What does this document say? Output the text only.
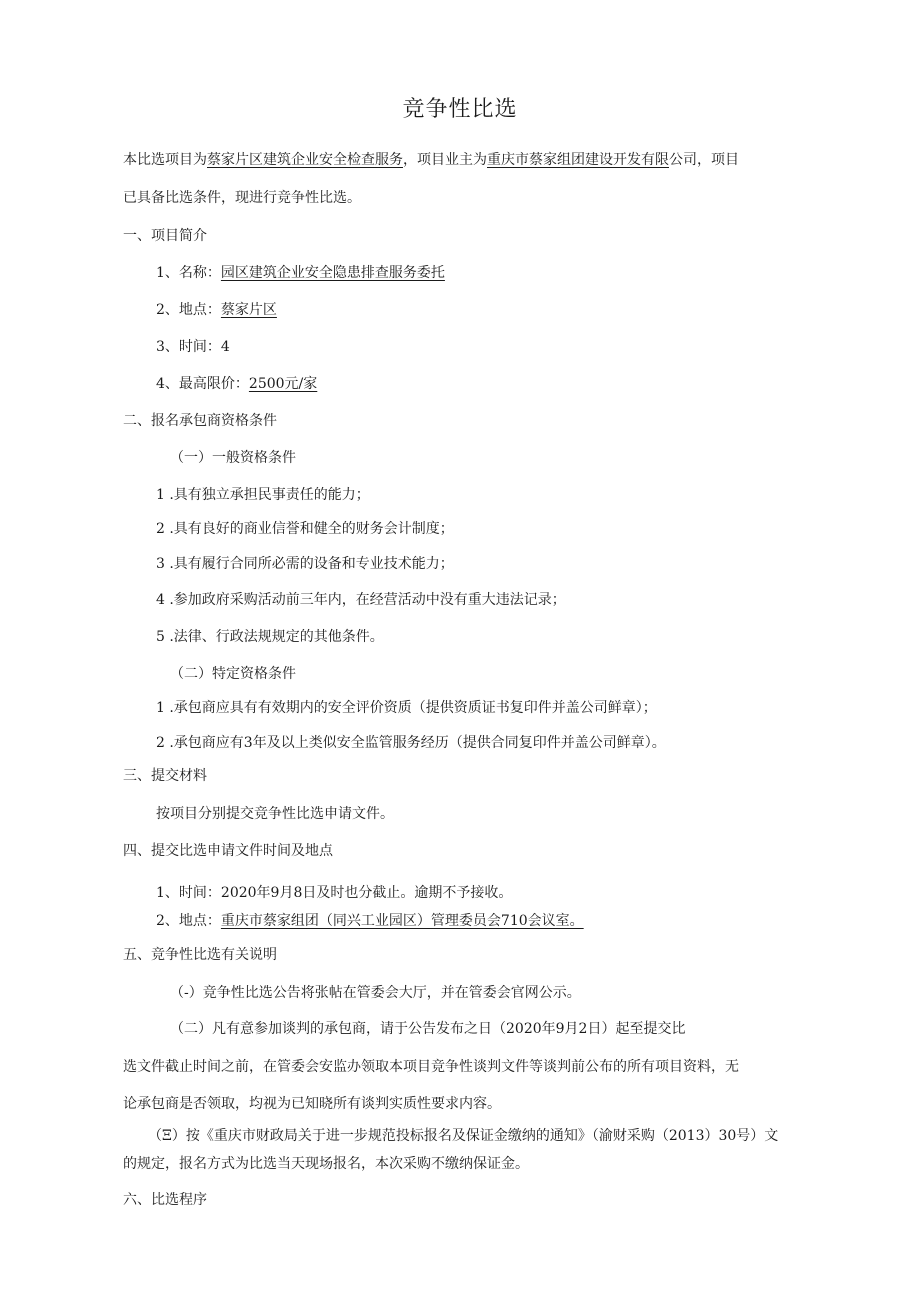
竞争性比选
本比选项目为蔡家片区建筑企业安全检查服务，项目业主为重庆市蔡家组团建设开发有限公司，项目
已具备比选条件，现进行竞争性比选。
一、项目简介
1、名称：园区建筑企业安全隐患排查服务委托
2、地点：蔡家片区
3、时间：4
4、最高限价：2500元/家
二、报名承包商资格条件
（一）一般资格条件
1 .具有独立承担民事责任的能力；
2 .具有良好的商业信誉和健全的财务会计制度；
3 .具有履行合同所必需的设备和专业技术能力；
4 .参加政府采购活动前三年内，在经营活动中没有重大违法记录；
5 .法律、行政法规规定的其他条件。
（二）特定资格条件
1 .承包商应具有有效期内的安全评价资质（提供资质证书复印件并盖公司鲜章）；
2 .承包商应有3年及以上类似安全监管服务经历（提供合同复印件并盖公司鲜章）。
三、提交材料
按项目分别提交竞争性比选申请文件。
四、提交比选申请文件时间及地点
1、时间：2020年9月8日及时也分截止。逾期不予接收。
2、地点：重庆市蔡家组团（同兴工业园区）管理委员会710会议室。
五、竞争性比选有关说明
（-）竞争性比选公告将张帖在管委会大厅，并在管委会官网公示。
（二）凡有意参加谈判的承包商，请于公告发布之日（2020年9月2日）起至提交比
选文件截止时间之前，在管委会安监办领取本项目竞争性谈判文件等谈判前公布的所有项目资料，无
论承包商是否领取，均视为已知晓所有谈判实质性要求内容。
（Ξ）按《重庆市财政局关于进一步规范投标报名及保证金缴纳的通知》（渝财采购（2013）30号）文
的规定，报名方式为比选当天现场报名，本次采购不缴纳保证金。
六、比选程序
